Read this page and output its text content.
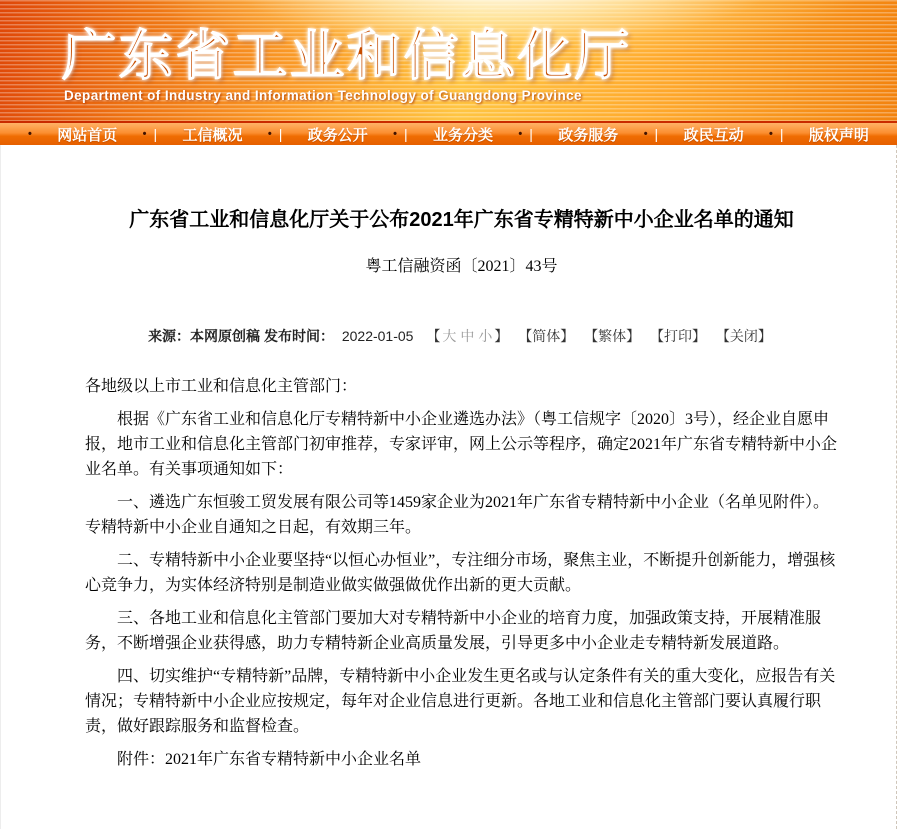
广东省工业和信息化厅
Department of Industry and Information Technology of Guangdong Province
• 网站首页 • | 工信概况 • | 政务公开 • | 业务分类 • | 政务服务 • | 政民互动 • | 版权声明
广东省工业和信息化厅关于公布2021年广东省专精特新中小企业名单的通知
粤工信融资函〔2021〕43号
来源：本网原创稿 发布时间： 2022-01-05 【 大 中 小 】 【简体】 【繁体】 【打印】 【关闭】

各地级以上市工业和信息化主管部门：

根据《广东省工业和信息化厅专精特新中小企业遴选办法》（粤工信规字〔2020〕3号），经企业自愿申报，地市工业和信息化主管部门初审推荐，专家评审，网上公示等程序，确定2021年广东省专精特新中小企业名单。有关事项通知如下：

一、遴选广东恒骏工贸发展有限公司等1459家企业为2021年广东省专精特新中小企业（名单见附件）。专精特新中小企业自通知之日起，有效期三年。

二、专精特新中小企业要坚持“以恒心办恒业”，专注细分市场，聚焦主业，不断提升创新能力，增强核心竞争力，为实体经济特别是制造业做实做强做优作出新的更大贡献。

三、各地工业和信息化主管部门要加大对专精特新中小企业的培育力度，加强政策支持，开展精准服务，不断增强企业获得感，助力专精特新企业高质量发展，引导更多中小企业走专精特新发展道路。

四、切实维护“专精特新”品牌，专精特新中小企业发生更名或与认定条件有关的重大变化，应报告有关情况；专精特新中小企业应按规定，每年对企业信息进行更新。各地工业和信息化主管部门要认真履行职责，做好跟踪服务和监督检查。

附件：2021年广东省专精特新中小企业名单
